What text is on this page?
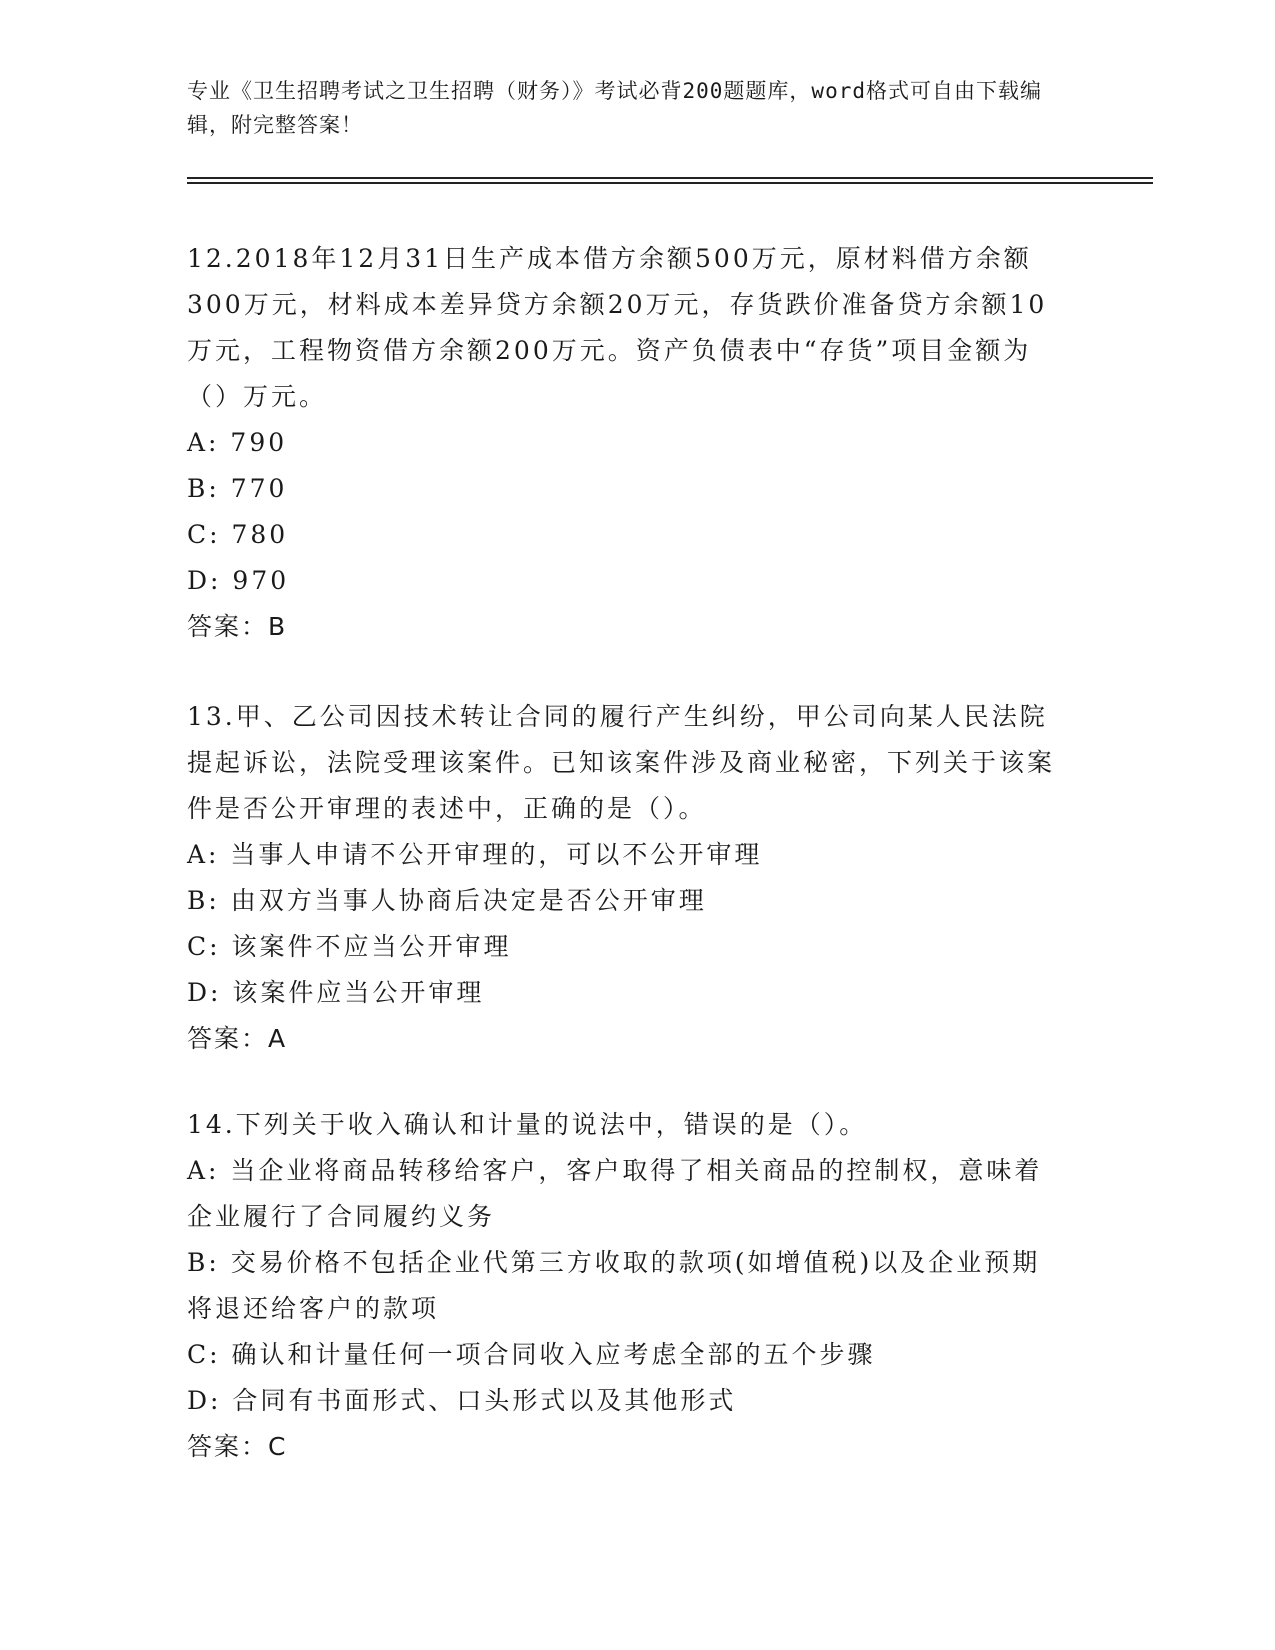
专业《卫生招聘考试之卫生招聘（财务）》考试必背200题题库，word格式可自由下载编辑，附完整答案！

12.2018年12月31日生产成本借方余额500万元，原材料借方余额300万元，材料成本差异贷方余额20万元，存货跌价准备贷方余额10万元，工程物资借方余额200万元。资产负债表中“存货”项目金额为（）万元。

A: 790

B: 770

C: 780

D: 970

答案：B

13.甲、乙公司因技术转让合同的履行产生纠纷，甲公司向某人民法院提起诉讼，法院受理该案件。已知该案件涉及商业秘密，下列关于该案件是否公开审理的表述中，正确的是（）。

A: 当事人申请不公开审理的，可以不公开审理

B: 由双方当事人协商后决定是否公开审理

C: 该案件不应当公开审理

D: 该案件应当公开审理

答案：A

14.下列关于收入确认和计量的说法中，错误的是（）。

A: 当企业将商品转移给客户，客户取得了相关商品的控制权，意味着企业履行了合同履约义务

B: 交易价格不包括企业代第三方收取的款项(如增值税)以及企业预期将退还给客户的款项

C: 确认和计量任何一项合同收入应考虑全部的五个步骤

D: 合同有书面形式、口头形式以及其他形式

答案：C
